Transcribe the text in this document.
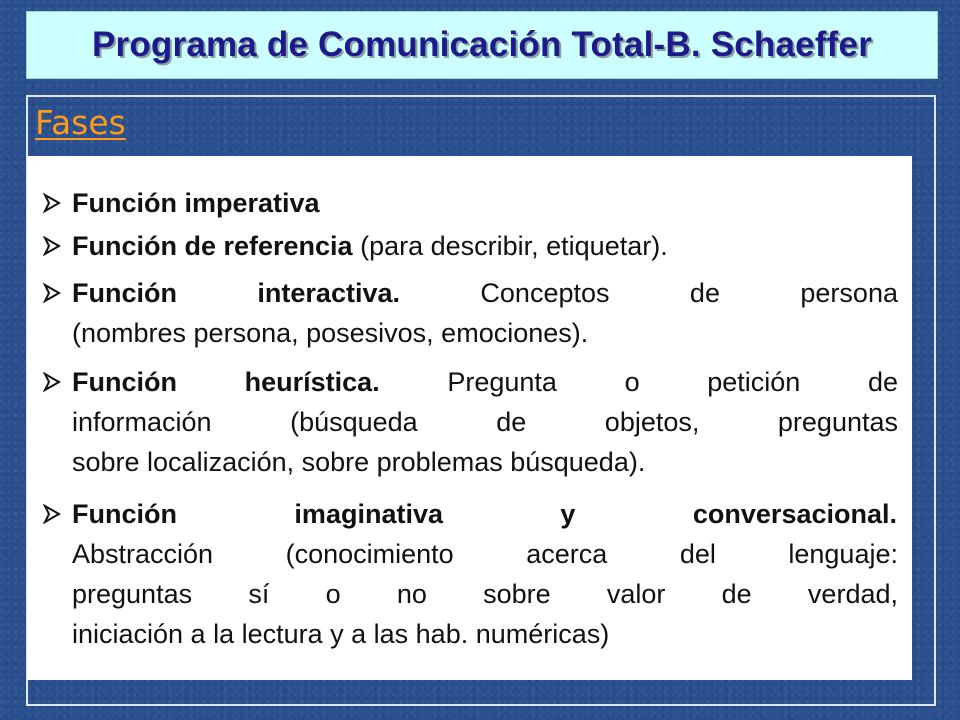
Programa de Comunicación Total-B. Schaeffer
Fases
Función imperativa
Función de referencia (para describir, etiquetar).
Función interactiva. Conceptos de persona
(nombres persona, posesivos, emociones).
Función heurística. Pregunta o petición de
información (búsqueda de objetos, preguntas
sobre localización, sobre problemas búsqueda).
Función imaginativa y conversacional.
Abstracción (conocimiento acerca del lenguaje:
preguntas sí o no sobre valor de verdad,
iniciación a la lectura y a las hab. numéricas)
